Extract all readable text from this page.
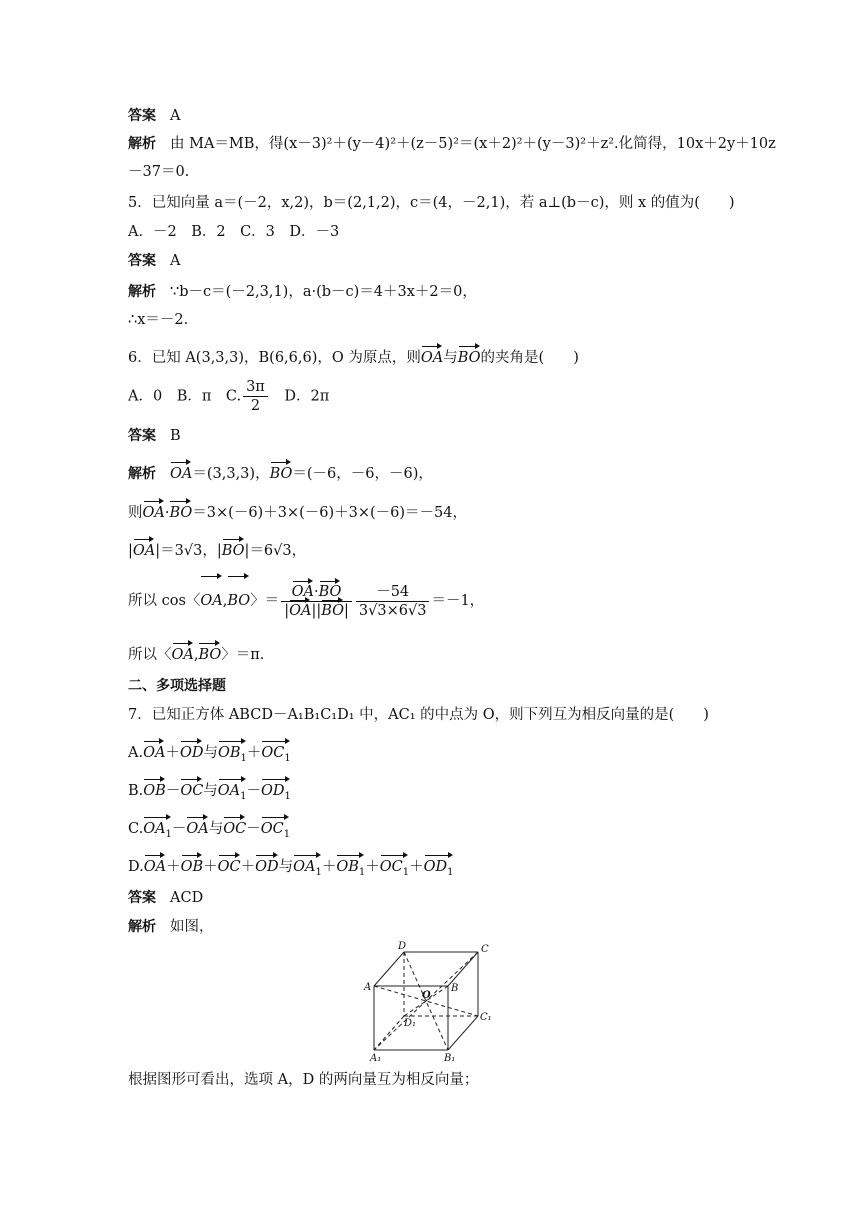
答案 A
解析 由 MA＝MB，得(x－3)²＋(y－4)²＋(z－5)²＝(x＋2)²＋(y－3)²＋z².化简得，10x＋2y＋10z
－37＝0.
5．已知向量 a＝(－2，x,2)，b＝(2,1,2)，c＝(4，－2,1)，若 a⊥(b－c)，则 x 的值为(　　)
A．－2　B．2　C．3　D．－3
答案 A
解析 ∵b－c＝(－2,3,1)，a·(b－c)＝4＋3x＋2＝0，
∴x＝－2.
6．已知 A(3,3,3)，B(6,6,6)，O 为原点，则OA与BO的夹角是(　　)
A．0　B．π　C. $\frac{3\pi}{2}$ 　D．2π
答案 B
解析 OA＝(3,3,3)，BO＝(－6，－6，－6)，
则OA·BO＝3×(－6)＋3×(－6)＋3×(－6)＝－54，
|OA|＝3√3，|BO|＝6√3，
所以 cos〈OA,BO〉＝ $\frac{OA\cdot BO}{|OA||BO|} \frac{-54}{3√3\times 6√3} =-1$，
所以〈OA,BO〉＝π.
二、多项选择题
7．已知正方体 ABCD－A₁B₁C₁D₁ 中，AC₁ 的中点为 O，则下列互为相反向量的是(　　)
A.OA＋OD与$OB_1+OC_1$
B.OB－OC与$OA_1-OD_1$
$C.OA_1-OA$与$OC-OC_1$
D.OA＋OB＋OC＋OD与$OA_1+OB_1+OC_1+OD_1$
答案 ACD
解析 如图，
D	C
A	B
O
D₁
C₁
A₁	B₁
根据图形可看出，选项 A，D 的两向量互为相反向量；
